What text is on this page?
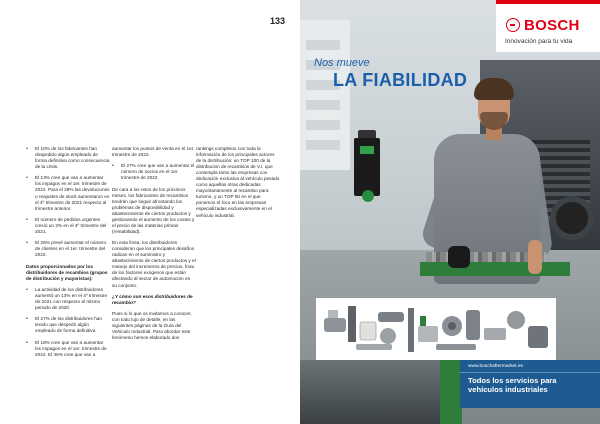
133

• El 10% de los fabricantes han despedido algún empleado de forma definitiva como consecuencia de la crisis.

• El 13% cree que van a aumentar los impagos en el 1er. trimestre de 2022. Para el 28% las devoluciones o reajustes de stock aumentaron en el 4º trimestre de 2021 respecto al trimestre anterior.

• El número de pedidos urgentes creció un 2% en el 4º trimestre del 2021.

• El 26% prevé aumentar el número de clientes en el 1er. trimestre del 2022.

Datos proporcionados por los distribuidores de recambios (grupos de distribución y mayoristas):

• La actividad de los distribuidores aumentó un 13% en el 4º trimestre de 2021 con respecto al mismo periodo de 2020.

• El 27% de los distribuidores han tenido que despedir algún empleado de forma definitiva.

• El 18% cree que van a aumentar los impagos en el 1er. trimestre de 2022. El 36% cree que van a

aumentar los puntos de venta en el 1er. trimestre de 2022.

• El 27% cree que van a aumentar el número de socios en el 1er. trimestre de 2022.

De cara a los retos de los próximos meses, los fabricantes de recambios tendrán que seguir afrontando los problemas de disponibilidad y abastecimiento de ciertos productos y gestionando el aumento de los costes y el precio de las materias primas (rentabilidad).

En esta línea, los distribuidores consideran que los principales desafíos radican en el suministro y abastecimiento de ciertos productos y el manejo del incremento de precios, fruto de los factores exógenos que están afectando al sector de automoción en su conjunto.

¿Y cómo son esos distribuidores de recambio?

Pues si lo que os invitamos a conocer, con todo lujo de detalle, en las siguientes páginas de la Guía del Vehículo Industrial. Para abordar este fenómeno hemos elaborado dos

rankings completos con toda la información de los principales actores de la distribución: un TOP 100 de la distribución de recambios de V.I. que contempla tanto las empresas con dedicación exclusiva al vehículo pesado como aquellas otras dedicadas mayoritariamente al recambio para turismo, y un TOP 50 en el que ponemos el foco en las empresas especializadas exclusivamente en el vehículo industrial.

BOSCH
Innovación para tu vida
Nos mueve
LA FIABILIDAD
www.boschaftermarket.es
Todos los servicios para vehículos industriales
